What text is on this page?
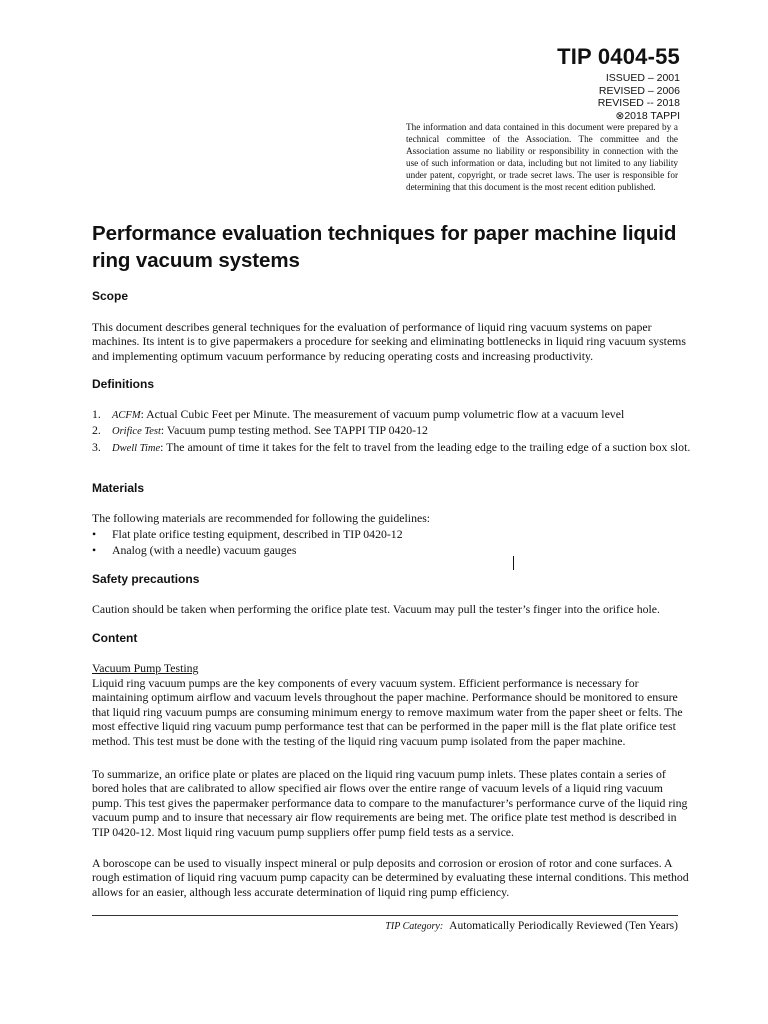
TIP 0404-55
ISSUED – 2001
REVISED – 2006
REVISED -- 2018
⊗2018 TAPPI
The information and data contained in this document were prepared by a technical committee of the Association. The committee and the Association assume no liability or responsibility in connection with the use of such information or data, including but not limited to any liability under patent, copyright, or trade secret laws. The user is responsible for determining that this document is the most recent edition published.
Performance evaluation techniques for paper machine liquid ring vacuum systems
Scope

This document describes general techniques for the evaluation of performance of liquid ring vacuum systems on paper machines. Its intent is to give papermakers a procedure for seeking and eliminating bottlenecks in liquid ring vacuum systems and implementing optimum vacuum performance by reducing operating costs and increasing productivity.

Definitions
1. ACFM: Actual Cubic Feet per Minute. The measurement of vacuum pump volumetric flow at a vacuum level
2. Orifice Test: Vacuum pump testing method. See TAPPI TIP 0420-12
3. Dwell Time: The amount of time it takes for the felt to travel from the leading edge to the trailing edge of a suction box slot.
Materials

The following materials are recommended for following the guidelines:

• Flat plate orifice testing equipment, described in TIP 0420-12
• Analog (with a needle) vacuum gauges
Safety precautions

Caution should be taken when performing the orifice plate test. Vacuum may pull the tester’s finger into the orifice hole.

Content

Vacuum Pump Testing

Liquid ring vacuum pumps are the key components of every vacuum system. Efficient performance is necessary for maintaining optimum airflow and vacuum levels throughout the paper machine. Performance should be monitored to ensure that liquid ring vacuum pumps are consuming minimum energy to remove maximum water from the paper sheet or felts. The most effective liquid ring vacuum pump performance test that can be performed in the paper mill is the flat plate orifice test method. This test must be done with the testing of the liquid ring vacuum pump isolated from the paper machine.

To summarize, an orifice plate or plates are placed on the liquid ring vacuum pump inlets. These plates contain a series of bored holes that are calibrated to allow specified air flows over the entire range of vacuum levels of a liquid ring vacuum pump. This test gives the papermaker performance data to compare to the manufacturer’s performance curve of the liquid ring vacuum pump and to insure that necessary air flow requirements are being met. The orifice plate test method is described in TIP 0420-12. Most liquid ring vacuum pump suppliers offer pump field tests as a service.

A boroscope can be used to visually inspect mineral or pulp deposits and corrosion or erosion of rotor and cone surfaces. A rough estimation of liquid ring vacuum pump capacity can be determined by evaluating these internal conditions. This method allows for an easier, although less accurate determination of liquid ring pump efficiency.

TIP Category: Automatically Periodically Reviewed (Ten Years)
